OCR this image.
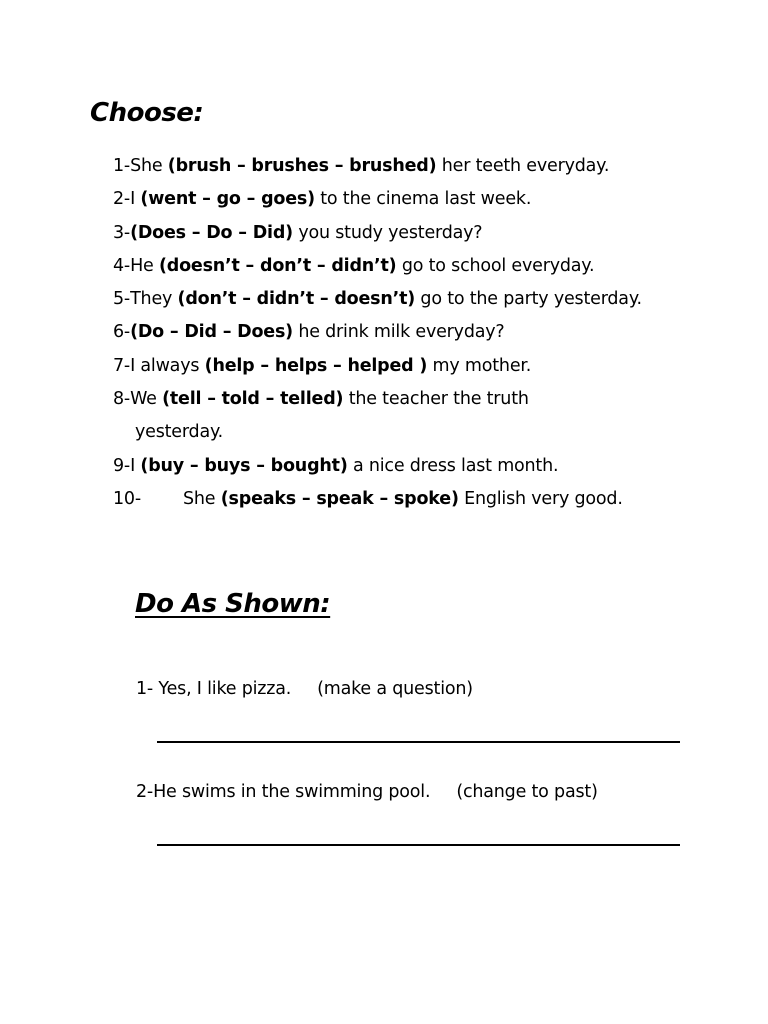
Choose:
1-She (brush – brushes – brushed) her teeth everyday.
2-I (went – go – goes) to the cinema last week.
3-(Does – Do – Did) you study yesterday?
4-He (doesn’t – don’t – didn’t) go to school everyday.
5-They (don’t – didn’t – doesn’t) go to the party yesterday.
6-(Do – Did – Does) he drink milk everyday?
7-I always (help – helps – helped ) my mother.
8-We (tell – told – telled) the teacher the truth
yesterday.
9-I (buy – buys – bought) a nice dress last month.
10- She (speaks – speak – spoke) English very good.
Do As Shown:
1- Yes, I like pizza. (make a question)
2-He swims in the swimming pool. (change to past)
